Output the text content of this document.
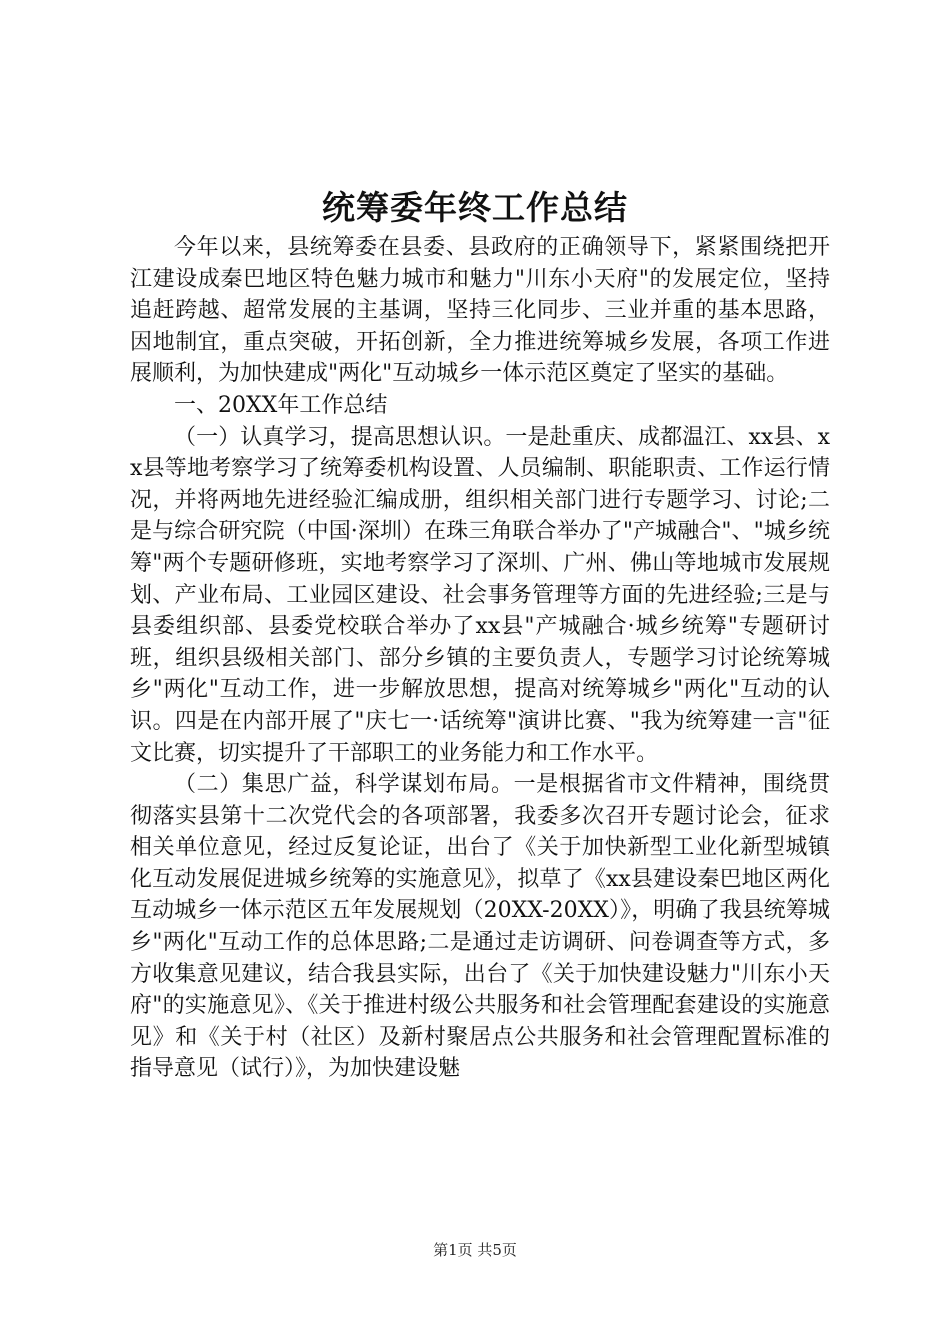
统筹委年终工作总结

今年以来，县统筹委在县委、县政府的正确领导下，紧紧围绕把开江建设成秦巴地区特色魅力城市和魅力"川东小天府"的发展定位，坚持追赶跨越、超常发展的主基调，坚持三化同步、三业并重的基本思路，因地制宜，重点突破，开拓创新，全力推进统筹城乡发展，各项工作进展顺利，为加快建成"两化"互动城乡一体示范区奠定了坚实的基础。

一、20XX年工作总结

（一）认真学习，提高思想认识。一是赴重庆、成都温江、xx县、xx县等地考察学习了统筹委机构设置、人员编制、职能职责、工作运行情况，并将两地先进经验汇编成册，组织相关部门进行专题学习、讨论;二是与综合研究院（中国·深圳）在珠三角联合举办了"产城融合"、"城乡统筹"两个专题研修班，实地考察学习了深圳、广州、佛山等地城市发展规划、产业布局、工业园区建设、社会事务管理等方面的先进经验;三是与县委组织部、县委党校联合举办了xx县"产城融合·城乡统筹"专题研讨班，组织县级相关部门、部分乡镇的主要负责人，专题学习讨论统筹城乡"两化"互动工作，进一步解放思想，提高对统筹城乡"两化"互动的认识。四是在内部开展了"庆七一·话统筹"演讲比赛、"我为统筹建一言"征文比赛，切实提升了干部职工的业务能力和工作水平。

（二）集思广益，科学谋划布局。一是根据省市文件精神，围绕贯彻落实县第十二次党代会的各项部署，我委多次召开专题讨论会，征求相关单位意见，经过反复论证，出台了《关于加快新型工业化新型城镇化互动发展促进城乡统筹的实施意见》，拟草了《xx县建设秦巴地区两化互动城乡一体示范区五年发展规划（20XX-20XX）》，明确了我县统筹城乡"两化"互动工作的总体思路;二是通过走访调研、问卷调查等方式，多方收集意见建议，结合我县实际，出台了《关于加快建设魅力"川东小天府"的实施意见》、《关于推进村级公共服务和社会管理配套建设的实施意见》和《关于村（社区）及新村聚居点公共服务和社会管理配置标准的指导意见（试行）》，为加快建设魅

第1页 共5页
